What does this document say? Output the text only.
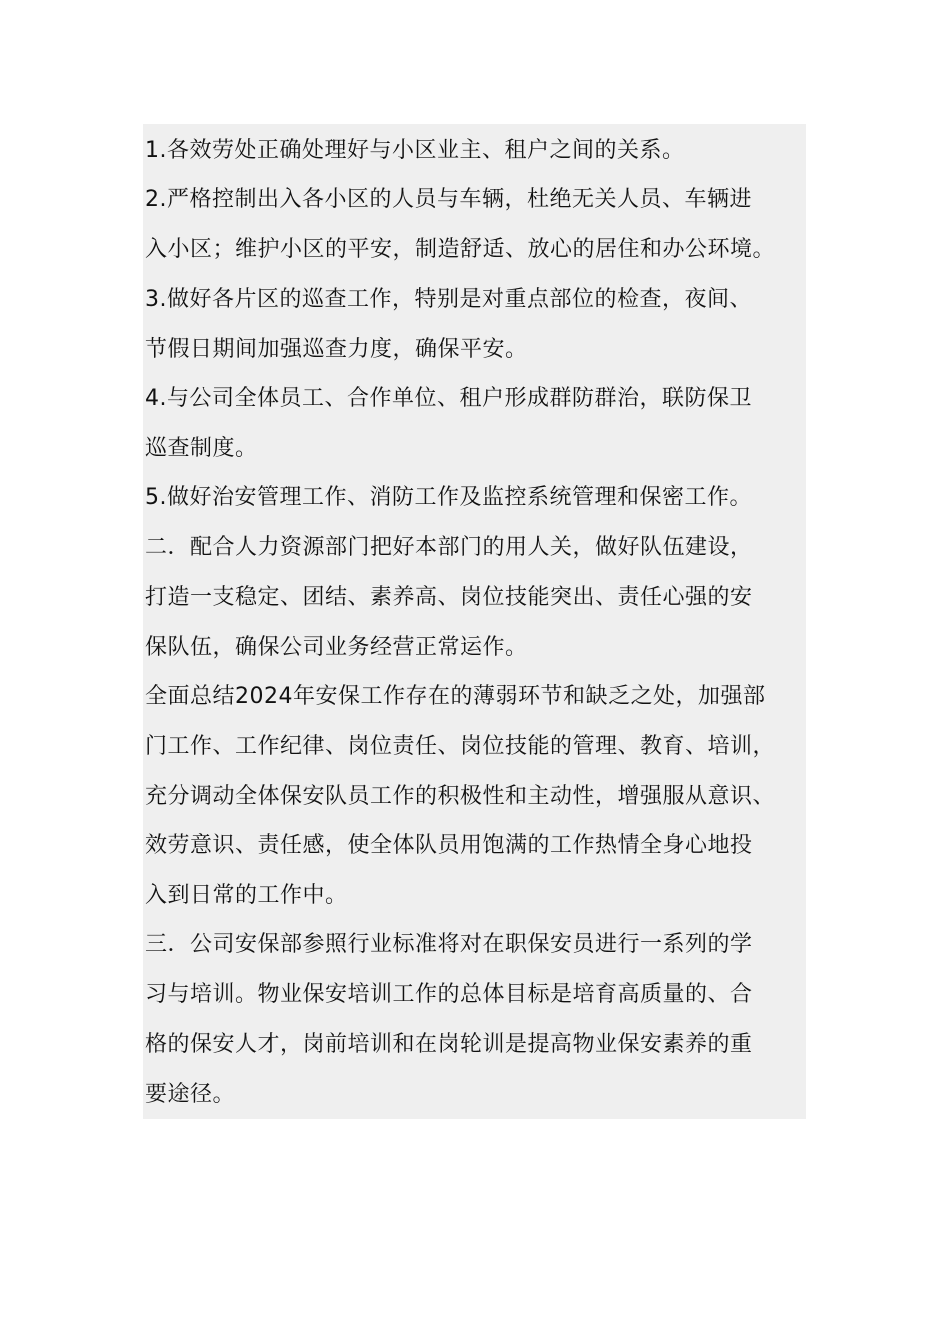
1.各效劳处正确处理好与小区业主、租户之间的关系。
2.严格控制出入各小区的人员与车辆，杜绝无关人员、车辆进
入小区；维护小区的平安，制造舒适、放心的居住和办公环境。
3.做好各片区的巡查工作，特别是对重点部位的检查，夜间、
节假日期间加强巡查力度，确保平安。
4.与公司全体员工、合作单位、租户形成群防群治，联防保卫
巡查制度。
5.做好治安管理工作、消防工作及监控系统管理和保密工作。
二．配合人力资源部门把好本部门的用人关，做好队伍建设，
打造一支稳定、团结、素养高、岗位技能突出、责任心强的安
保队伍，确保公司业务经营正常运作。
全面总结2024年安保工作存在的薄弱环节和缺乏之处，加强部
门工作、工作纪律、岗位责任、岗位技能的管理、教育、培训，
充分调动全体保安队员工作的积极性和主动性，增强服从意识、
效劳意识、责任感，使全体队员用饱满的工作热情全身心地投
入到日常的工作中。
三．公司安保部参照行业标准将对在职保安员进行一系列的学
习与培训。物业保安培训工作的总体目标是培育高质量的、合
格的保安人才，岗前培训和在岗轮训是提高物业保安素养的重
要途径。
